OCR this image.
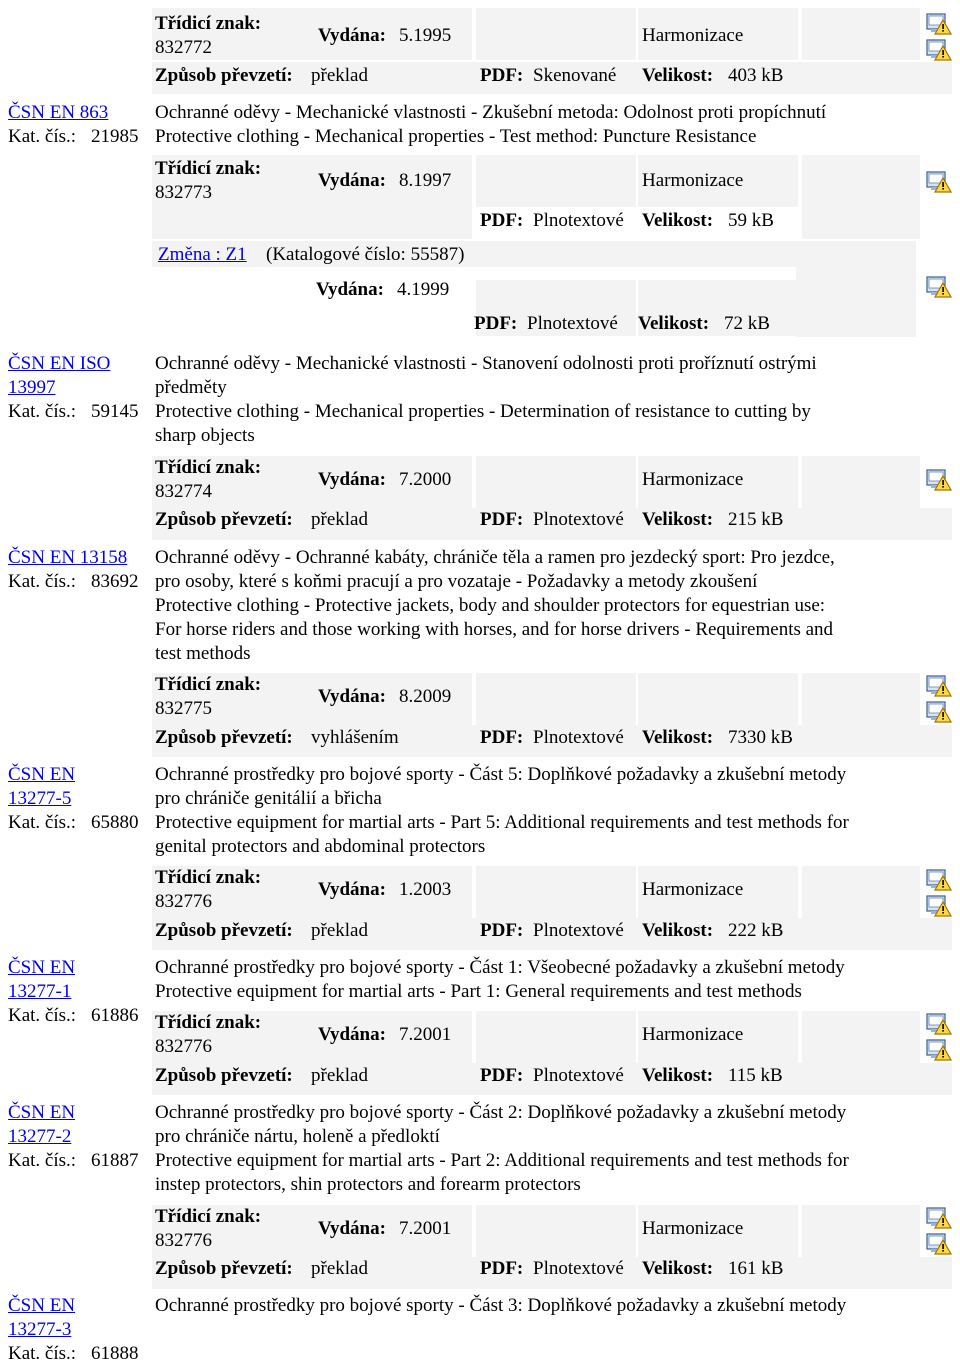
Třídicí znak:
832772
Vydána: 5.1995	Harmonizace
Způsob převzetí: překlad	PDF: Skenované Velikost: 403 kB
ČSN EN 863
Kat. čís.: 21985
Ochranné oděvy - Mechanické vlastnosti - Zkušební metoda: Odolnost proti propíchnutí
Protective clothing - Mechanical properties - Test method: Puncture Resistance
Třídicí znak:
832773
Vydána: 8.1997	Harmonizace
PDF: Plnotextové Velikost: 59 kB
Změna : Z1 (Katalogové číslo: 55587)
Vydána: 4.1999
PDF: Plnotextové Velikost: 72 kB
ČSN EN ISO
13997
Kat. čís.: 59145
Ochranné oděvy - Mechanické vlastnosti - Stanovení odolnosti proti proříznutí ostrými
předměty
Protective clothing - Mechanical properties - Determination of resistance to cutting by
sharp objects
Třídicí znak:
832774
Vydána: 7.2000	Harmonizace
Způsob převzetí: překlad	PDF: Plnotextové Velikost: 215 kB
ČSN EN 13158
Kat. čís.: 83692
Ochranné oděvy - Ochranné kabáty, chrániče těla a ramen pro jezdecký sport: Pro jezdce,
pro osoby, které s koňmi pracují a pro vozataje - Požadavky a metody zkoušení
Protective clothing - Protective jackets, body and shoulder protectors for equestrian use:
For horse riders and those working with horses, and for horse drivers - Requirements and
test methods
Třídicí znak:
832775
Vydána: 8.2009
Způsob převzetí: vyhlášením	PDF: Plnotextové Velikost: 7330 kB
ČSN EN
13277-5
Kat. čís.: 65880
Ochranné prostředky pro bojové sporty - Část 5: Doplňkové požadavky a zkušební metody
pro chrániče genitálií a břicha
Protective equipment for martial arts - Part 5: Additional requirements and test methods for
genital protectors and abdominal protectors
Třídicí znak:
832776
Vydána: 1.2003	Harmonizace
Způsob převzetí: překlad	PDF: Plnotextové Velikost: 222 kB
ČSN EN
13277-1
Kat. čís.: 61886
Ochranné prostředky pro bojové sporty - Část 1: Všeobecné požadavky a zkušební metody
Protective equipment for martial arts - Part 1: General requirements and test methods
Třídicí znak:
832776
Vydána: 7.2001	Harmonizace
Způsob převzetí: překlad	PDF: Plnotextové Velikost: 115 kB
ČSN EN
13277-2
Kat. čís.: 61887
Ochranné prostředky pro bojové sporty - Část 2: Doplňkové požadavky a zkušební metody
pro chrániče nártu, holeně a předloktí
Protective equipment for martial arts - Part 2: Additional requirements and test methods for
instep protectors, shin protectors and forearm protectors
Třídicí znak:
832776
Vydána: 7.2001	Harmonizace
Způsob převzetí: překlad	PDF: Plnotextové Velikost: 161 kB
ČSN EN
13277-3
Kat. čís.: 61888
Ochranné prostředky pro bojové sporty - Část 3: Doplňkové požadavky a zkušební metody
